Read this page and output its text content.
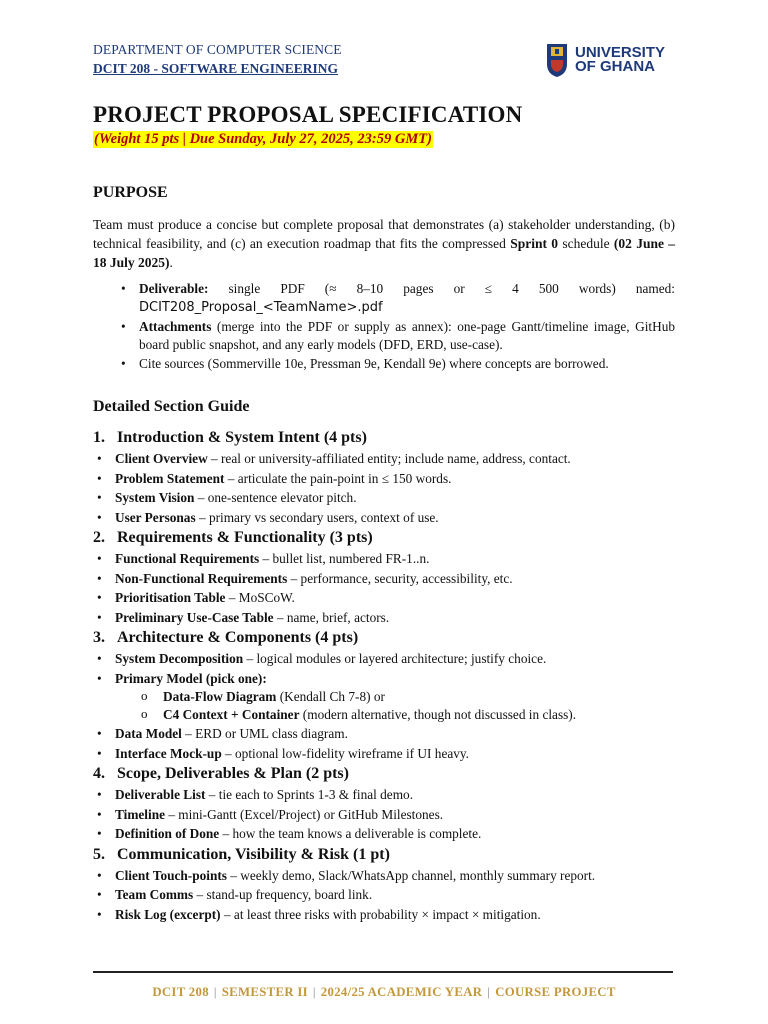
DEPARTMENT OF COMPUTER SCIENCE
DCIT 208 - SOFTWARE ENGINEERING
UNIVERSITY
OF GHANA
PROJECT PROPOSAL SPECIFICATION
(Weight 15 pts | Due Sunday, July 27, 2025, 23:59 GMT)
PURPOSE
Team must produce a concise but complete proposal that demonstrates (a) stakeholder understanding, (b) technical feasibility, and (c) an execution roadmap that fits the compressed Sprint 0 schedule (02 June – 18 July 2025).
• Deliverable: single PDF (≈ 8–10 pages or ≤ 4 500 words) named: DCIT208_Proposal_<TeamName>.pdf
• Attachments (merge into the PDF or supply as annex): one-page Gantt/timeline image, GitHub board public snapshot, and any early models (DFD, ERD, use-case).
• Cite sources (Sommerville 10e, Pressman 9e, Kendall 9e) where concepts are borrowed.
Detailed Section Guide
1. Introduction & System Intent (4 pts)
• Client Overview – real or university-affiliated entity; include name, address, contact.
• Problem Statement – articulate the pain-point in ≤ 150 words.
• System Vision – one-sentence elevator pitch.
• User Personas – primary vs secondary users, context of use.
2. Requirements & Functionality (3 pts)
• Functional Requirements – bullet list, numbered FR-1..n.
• Non-Functional Requirements – performance, security, accessibility, etc.
• Prioritisation Table – MoSCoW.
• Preliminary Use-Case Table – name, brief, actors.
3. Architecture & Components (4 pts)
• System Decomposition – logical modules or layered architecture; justify choice.
• Primary Model (pick one):
o Data-Flow Diagram (Kendall Ch 7-8) or
o C4 Context + Container (modern alternative, though not discussed in class).
• Data Model – ERD or UML class diagram.
• Interface Mock-up – optional low-fidelity wireframe if UI heavy.
4. Scope, Deliverables & Plan (2 pts)
• Deliverable List – tie each to Sprints 1-3 & final demo.
• Timeline – mini-Gantt (Excel/Project) or GitHub Milestones.
• Definition of Done – how the team knows a deliverable is complete.
5. Communication, Visibility & Risk (1 pt)
• Client Touch-points – weekly demo, Slack/WhatsApp channel, monthly summary report.
• Team Comms – stand-up frequency, board link.
• Risk Log (excerpt) – at least three risks with probability × impact × mitigation.
DCIT 208 | SEMESTER II | 2024/25 ACADEMIC YEAR | COURSE PROJECT
